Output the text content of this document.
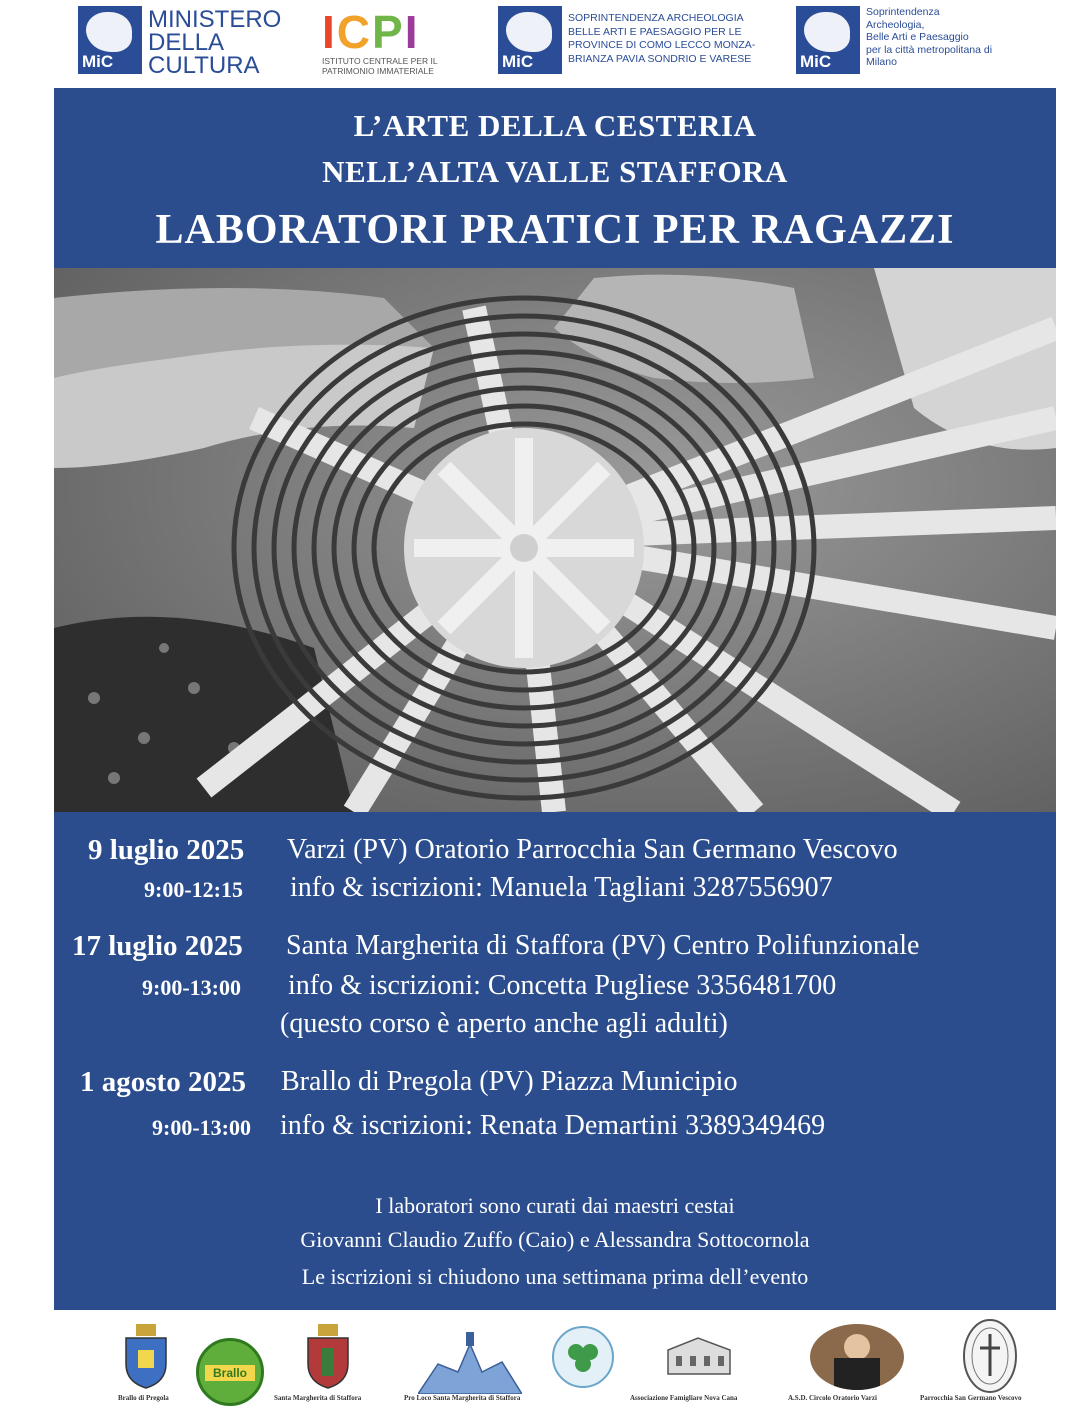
MiC
MINISTERO
DELLA
CULTURA
ICPI
ISTITUTO CENTRALE PER IL
PATRIMONIO IMMATERIALE	MiC
SOPRINTENDENZA ARCHEOLOGIA
BELLE ARTI E PAESAGGIO PER LE
PROVINCE DI COMO LECCO MONZA-
BRIANZA PAVIA SONDRIO E VARESE	MiC
Soprintendenza
Archeologia,
Belle Arti e Paesaggio
per la città metropolitana di
Milano
L’ARTE DELLA CESTERIA
NELL’ALTA VALLE STAFFORA
LABORATORI PRATICI PER RAGAZZI
9 luglio 2025 Varzi (PV) Oratorio Parrocchia San Germano Vescovo
9:00-12:15 info & iscrizioni: Manuela Tagliani 3287556907
17 luglio 2025 Santa Margherita di Staffora (PV) Centro Polifunzionale
9:00-13:00 info & iscrizioni: Concetta Pugliese 3356481700
(questo corso è aperto anche agli adulti)
1 agosto 2025 Brallo di Pregola (PV) Piazza Municipio
9:00-13:00 info & iscrizioni: Renata Demartini 3389349469
I laboratori sono curati dai maestri cestai
Giovanni Claudio Zuffo (Caio) e Alessandra Sottocornola
Le iscrizioni si chiudono una settimana prima dell’evento
Brallo di Pregola
Brallo
Santa Margherita di Staffora	Pro Loco Santa Margherita di Staffora	Associazione Famigliare Nova Cana	A.S.D. Circolo Oratorio Varzi	Parrocchia San Germano Vescovo
